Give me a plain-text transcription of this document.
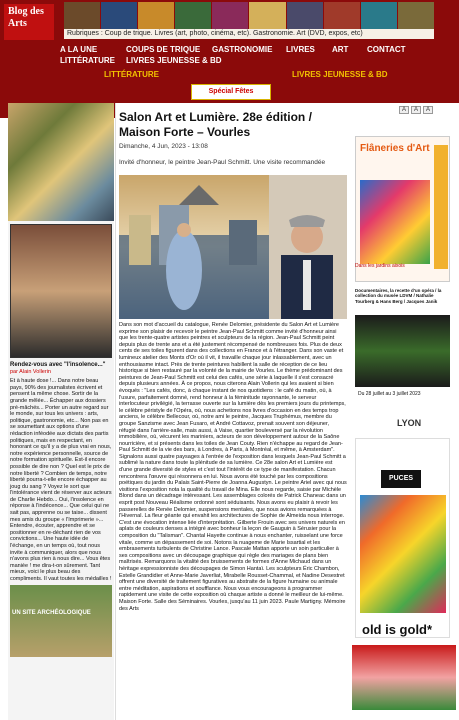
Blog des Arts
Rubriques : Coup de trique. Livres (art, photo, cinéma, etc). Gastronomie. Art (DVD, expos, etc)
A LA UNE	COUPS DE TRIQUE	GASTRONOMIE	LIVRES	ART	CONTACT
LITTÉRATURE	LIVRES JEUNESSE & BD
LITTÉRATURE	LIVRES JEUNESSE & BD
Spécial Fêtes
Rendez-vous avec "l'insolence..."
par Alain Vollerin
Et à haute dose !... Dans notre beau pays, 90% des journalistes écrivent et pensent la même chose. Sortir de la grande mêlée... Échapper aux dossiers pré-mâchés... Porter un autre regard sur le monde, sur tous les univers : arts, politique, gastronomie, etc... Non pas en se soumettant aux options d'une rédaction inféodée aux dictats des partis politiques, mais en respectant, en honorant ce qu'il y a de plus vrai en nous, notre expérience personnelle, source de notre formation spirituelle. Est-il encore possible de dire non ? Quel est le prix de notre liberté ? Combien de temps, notre liberté pourra-t-elle encore échapper au joug du sang ? Voyez le sort que l'intolérance vient de réserver aux acteurs de Charlie Hebdo... Oui, l'insolence en réponse à l'indécence... Que celui qui ne sait pas, apprenne ou se taise... dissent mes amis du groupe « l'Imprimerie »... Entendre, écouter, apprendre et se positionner en re-déchant rien de vos convictions... Une haute idée de l'échange, en un temps où, tout nous invite à communiquer, alors que nous n'avons plus rien à nous dire... Vous êtes maniée ! me dira-t-on sûrement. Tant mieux, voici le plus beau des compliments. Il vaut toutes les médailles !
UN SITE ARCHÉOLOGIQUE
Salon Art et Lumière. 28e édition / Maison Forte – Vourles
Dimanche, 4 Jun, 2023 - 13:08
Invité d'honneur, le peintre Jean-Paul Schmitt. Une visite recommandée
Dans son mot d'accueil du catalogue, Renée Delomier, présidente du Salon Art et Lumière exprime son plaisir de recevoir le peintre Jean-Paul Schmitt comme invité d'honneur ainsi que les trente-quatre artistes peintres et sculpteurs de la région. Jean-Paul Schmitt peint depuis plus de trente ans et a été justement récompensé de nombreuses fois. Plus de deux cents de ses toiles figurent dans des collections en France et à l'étranger. Dans son vaste et lumineux atelier des Monts d'Or où il vit, il travaille chaque jour inlassablement, avec un enthousiasme intact. Près de trente peintures habillent la salle de réception de ce lieu historique si bien restauré par la volonté de la mairie de Vourles. Le thème prédominant des peintures de Jean-Paul Schmitt est celui des cafés, une série à laquelle il s'est consacré depuis plusieurs années. À ce propos, nous citerons Alain Vollerin qui les avaient si bien évoqués : "Les cafés, donc, à chaque instant de nos quotidiens : le café du matin, où, à l'usure, parfaitement domné, rend honneur à la féminitude rayonnante, le serveur interlocuteur privilégié, la terrasse ouverte sur la lumière dès les premiers jours du printemps, le célèbre péristyle de l'Opéra, où, nous achetions nos livres d'occasion en des temps trop anciens, le célèbre Bellecour, où, notre ami le peintre, Jacques Truphémus, membre du groupe Sanzisme avec Jean Fusaro, et André Cottavoz, prenait souvent son déjeuner, réfugié dans l'arrière-salle, mais aussi, à Vaise, quartier bouleversé par la révolution immobilière, où, vécurent les mariniers, acteurs de son développement autour de la Saône nourricière, et si présents dans les toiles de Jean Couty. Rien n'échappe au regard de Jean-Paul Schmitt de la vie des bars, à Londres, à Paris, à Montréal, et même, à Amsterdam". Signalons aussi quatre paysages à l'entrée de l'exposition dans lesquels Jean-Paul Schmitt a sublimé la nature dans toute la plénitude de sa lumière. Ce 28e salon Art et Lumière est d'une grande diversité de styles et c'est tout l'intérêt de ce type de manifestation. Chacun rencontrera l'œuvre qui résonnera en lui. Nous avons été touché par les compositions poétiques du jardin du Palais Saint-Pierre de Joanna Augustyn. Le peintre Ariel avec qui nous visitions l'exposition nota la qualité du travail de Mina. Elle nous regarde, saisie par Michèle Blond dans un décadrage intéressant. Les assemblages colorés de Patrick Chaneac dans un esprit post Nouveau Réalisme ordonné sont séduisants. Nous avons eu plaisir à revoir les passerelles de Renée Delomier, suspensions mentales, que nous avions remarquées à l'Hivernal. La fleur géante qui envahit les architectures de Sophie de Almeida nous interroge. C'est une évocation intense liée d'interprétation. Gilberte Frouin avec ses univers naturels en aplats de couleurs denses a intégré avec bonheur la leçon de Gauguin à Sérusier pour la composition du "Talisman". Chantal Hayette continue à nous enchanter, ruisselant une force vitale, comme un dépassement de soi. Notons la nuageme de Marie Issartial et les embrasements turbulents de Christine Lance. Pascale Mattan apporte un soin particulier à ses compositions avec un découpage graphique qui règle des mariages de plans bien maîtrisés. Remarquons la vitalité des bruissements de formes d'Anne Michaud dans un héritage expressionniste des découpages de Simon Hantaï. Les sculpteurs Éric Chambon, Estelle Grandidier et Anne-Marie Javerliat, Mirabelle Rousset-Chammal, et Nadine Desestret offrent une diversité de traitement figuratives au abstraite de la figure humaine ou animale entre méditation, aspirations et soufflance. Nous vous encourageons à programmer rapidement une visite de cette exposition où chaque artiste a donné le meilleur de lui-même. Maison Forte. Salle des Séminaires. Vourles, jusqu'au 11 juin 2023. Paule Martigny. Mémoire des Arts
A	A	A
Flâneries d'Art
Dans les jardins aixois
Documentaires, la recette d'un opéra / la collection du musée LDVM / Nathalie Tourberg & Hans Berg / Jacques Janik
Du 28 juillet au 3 juillet 2023
LYON
PUCES
old is gold*
